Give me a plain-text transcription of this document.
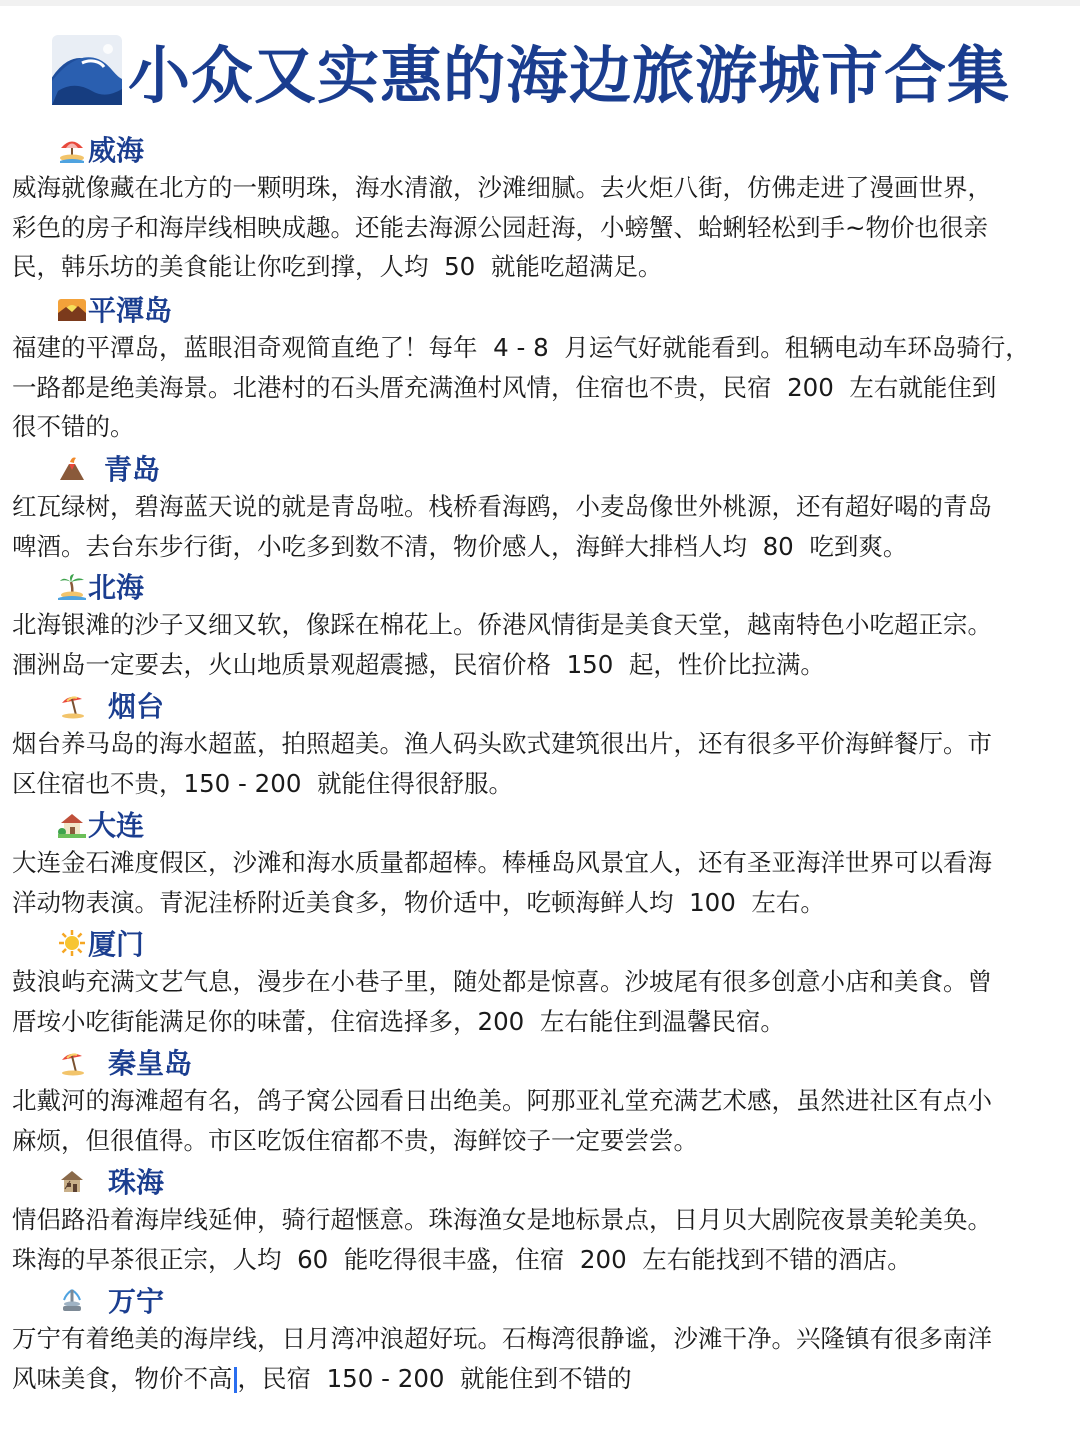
小众又实惠的海边旅游城市合集
威海

威海就像藏在北方的一颗明珠，海水清澈，沙滩细腻。去火炬八街，仿佛走进了漫画世界，
彩色的房子和海岸线相映成趣。还能去海源公园赶海，小螃蟹、蛤蜊轻松到手~物价也很亲
民，韩乐坊的美食能让你吃到撑，人均  50  就能吃超满足。

平潭岛

福建的平潭岛，蓝眼泪奇观简直绝了！每年  4 - 8  月运气好就能看到。租辆电动车环岛骑行，
一路都是绝美海景。北港村的石头厝充满渔村风情，住宿也不贵，民宿  200  左右就能住到
很不错的。

青岛

红瓦绿树，碧海蓝天说的就是青岛啦。栈桥看海鸥，小麦岛像世外桃源，还有超好喝的青岛
啤酒。去台东步行街，小吃多到数不清，物价感人，海鲜大排档人均  80  吃到爽。

北海

北海银滩的沙子又细又软，像踩在棉花上。侨港风情街是美食天堂，越南特色小吃超正宗。
涠洲岛一定要去，火山地质景观超震撼，民宿价格  150  起，性价比拉满。

烟台

烟台养马岛的海水超蓝，拍照超美。渔人码头欧式建筑很出片，还有很多平价海鲜餐厅。市
区住宿也不贵，150 - 200  就能住得很舒服。

大连

大连金石滩度假区，沙滩和海水质量都超棒。棒棰岛风景宜人，还有圣亚海洋世界可以看海
洋动物表演。青泥洼桥附近美食多，物价适中，吃顿海鲜人均  100  左右。

厦门

鼓浪屿充满文艺气息，漫步在小巷子里，随处都是惊喜。沙坡尾有很多创意小店和美食。曾
厝垵小吃街能满足你的味蕾，住宿选择多，200  左右能住到温馨民宿。

秦皇岛

北戴河的海滩超有名，鸽子窝公园看日出绝美。阿那亚礼堂充满艺术感，虽然进社区有点小
麻烦，但很值得。市区吃饭住宿都不贵，海鲜饺子一定要尝尝。

珠海

情侣路沿着海岸线延伸，骑行超惬意。珠海渔女是地标景点，日月贝大剧院夜景美轮美奂。
珠海的早茶很正宗，人均  60  能吃得很丰盛，住宿  200  左右能找到不错的酒店。

万宁

万宁有着绝美的海岸线，日月湾冲浪超好玩。石梅湾很静谧，沙滩干净。兴隆镇有很多南洋
风味美食，物价不高 ，民宿  150 - 200  就能住到不错的
